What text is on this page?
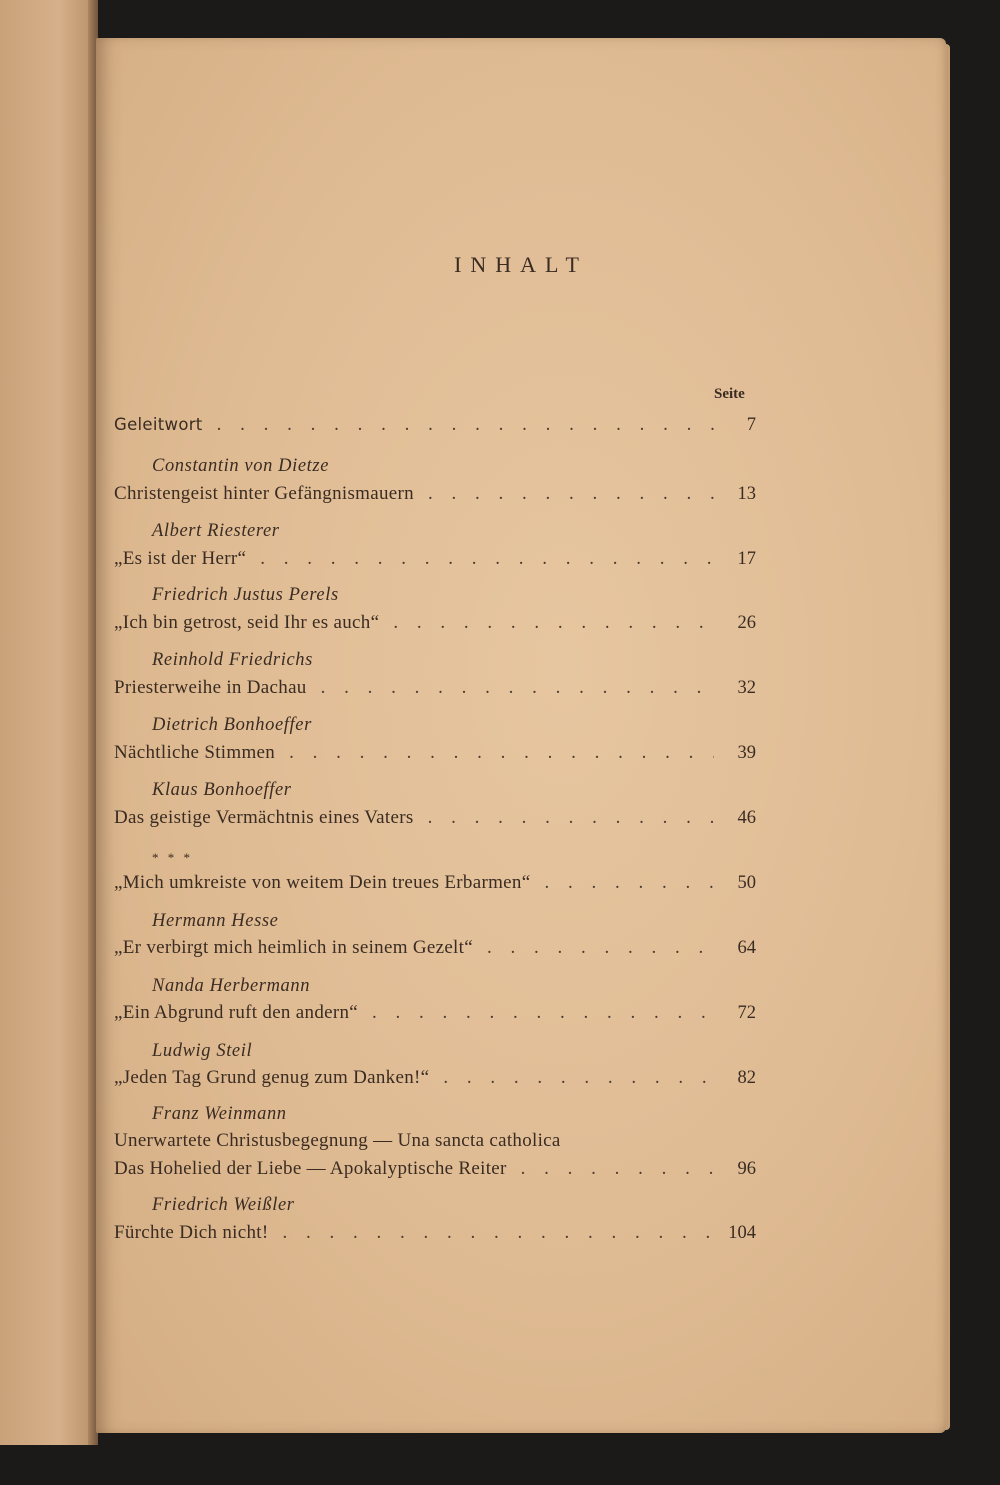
INHALT
Seite
Geleitwort . . .	7
Constantin von Dietze
Christengeist hinter Gefängnismauern . . .	13
Albert Riesterer
„Es ist der Herr“ . . .	17
Friedrich Justus Perels
„Ich bin getrost, seid Ihr es auch“ . . .	26
Reinhold Friedrichs
Priesterweihe in Dachau . . .	32
Dietrich Bonhoeffer
Nächtliche Stimmen . . .	39
Klaus Bonhoeffer
Das geistige Vermächtnis eines Vaters . . .	46
* * *
„Mich umkreiste von weitem Dein treues Erbarmen“ . . .	50
Hermann Hesse
„Er verbirgt mich heimlich in seinem Gezelt“ . . .	64
Nanda Herbermann
„Ein Abgrund ruft den andern“ . . .	72
Ludwig Steil
„Jeden Tag Grund genug zum Danken!“ . . .	82
Franz Weinmann
Unerwartete Christusbegegnung — Una sancta catholica
Das Hohelied der Liebe — Apokalyptische Reiter . . .	96
Friedrich Weißler
Fürchte Dich nicht! . . .	104
